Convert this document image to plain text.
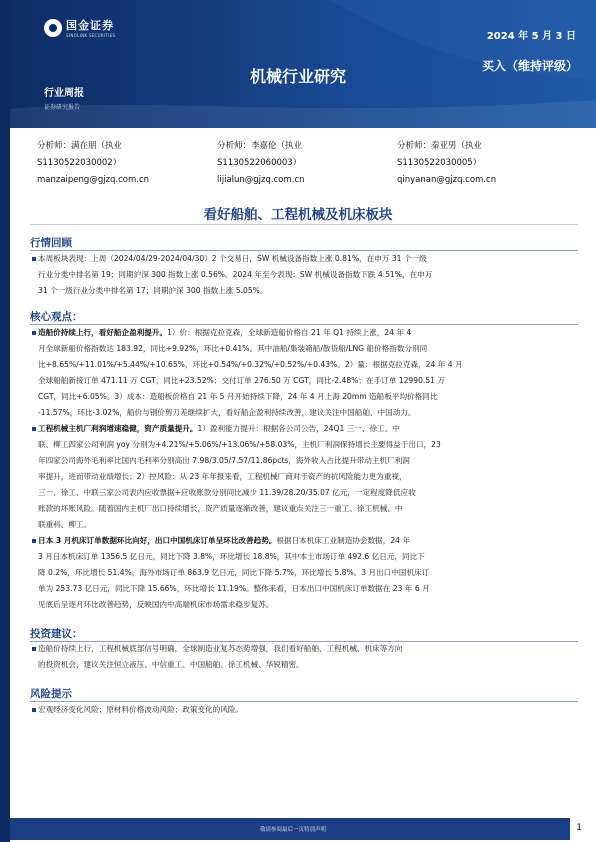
国金证券
SINOLINK SECURITIES	2024 年 5 月 3 日
机械行业研究
买入（维持评级）
行业周报
证券研究报告
分析师：满在朋（执业
S1130522030002）
manzaipeng@gjzq.com.cn
分析师：李嘉伦（执业
S1130522060003）
lijialun@gjzq.com.cn
分析师：秦亚男（执业
S1130522030005）
qinyanan@gjzq.com.cn
看好船舶、工程机械及机床板块
行情回顾
本周板块表现：上周（2024/04/29-2024/04/30）2 个交易日，SW 机械设备指数上涨 0.81%，在申万 31 个一级
行业分类中排名第 19；同期沪深 300 指数上涨 0.56%。2024 年至今表现：SW 机械设备指数下跌 4.51%，在申万
31 个一级行业分类中排名第 17；同期沪深 300 指数上涨 5.05%。
核心观点：
造船价持续上行，看好船企盈利提升。1）价：根据克拉克森，全球新造船价格自 21 年 Q1 持续上涨，24 年 4
月全球新船价格指数达 183.92，同比+9.92%，环比+0.41%。其中油船/集装箱船/散货船/LNG 船价格指数分别同
比+8.65%/+11.01%/+5.44%/+10.65%，环比+0.54%/+0.32%/+0.52%/+0.43%。2）量：根据克拉克森，24 年 4 月
全球船舶新接订单 471.11 万 CGT，同比+23.52%；交付订单 276.50 万 CGT，同比-2.48%；在手订单 12990.51 万
CGT，同比+6.05%。3）成本：造船板价格自 21 年 5 月开始持续下降，24 年 4 月上海 20mm 造船板平均价格同比
-11.57%，环比-3.02%，船价与钢价剪刀差继续扩大，看好船企盈利持续改善，建议关注中国船舶、中国动力。
工程机械主机厂利润增速稳健，资产质量提升。1）盈利能力提升：根据各公司公告，24Q1 三一、徐工、中
联、柳工四家公司利润 yoy 分别为+4.21%/+5.06%/+13.06%/+58.03%，主机厂利润保持增长主要得益于出口，23
年四家公司海外毛利率比国内毛利率分别高出 7.98/3.05/7.57/11.86pcts，海外收入占比提升带动主机厂利润
率提升，进而带动业绩增长；2）控风险：从 23 年年报来看，工程机械厂商对于资产的抗风险能力更为重视，
三一、徐工、中联三家公司表内应收票据+应收账款分别同比减少 11.39/28.20/35.07 亿元，一定程度降低应收
账款的坏账风险。随着国内主机厂出口持续增长，资产质量逐渐改善，建议重点关注三一重工、徐工机械、中
联重科、柳工。
日本 3 月机床订单数据环比向好，出口中国机床订单呈环比改善趋势。根据日本机床工业制造协会数据，24 年
3 月日本机床订单 1356.5 亿日元，同比下降 3.8%，环比增长 18.8%，其中本土市场订单 492.6 亿日元，同比下
降 0.2%，环比增长 51.4%，海外市场订单 863.9 亿日元，同比下降 5.7%，环比增长 5.8%。3 月出口中国机床订
单为 253.73 亿日元，同比下降 15.66%，环比增长 11.19%。整体来看，日本出口中国机床订单数据在 23 年 6 月
见底后呈逐月环比改善趋势，反映国内中高端机床市场需求稳步复苏。
投资建议：
造船价持续上行，工程机械底部信号明确，全球制造业复苏态势增强，我们看好船舶、工程机械、机床等方向
的投资机会，建议关注恒立液压、中信重工、中国船舶、徐工机械、华锐精密。
风险提示
宏观经济变化风险；原材料价格波动风险；政策变化的风险。
敬请参阅最后一页特别声明	1
